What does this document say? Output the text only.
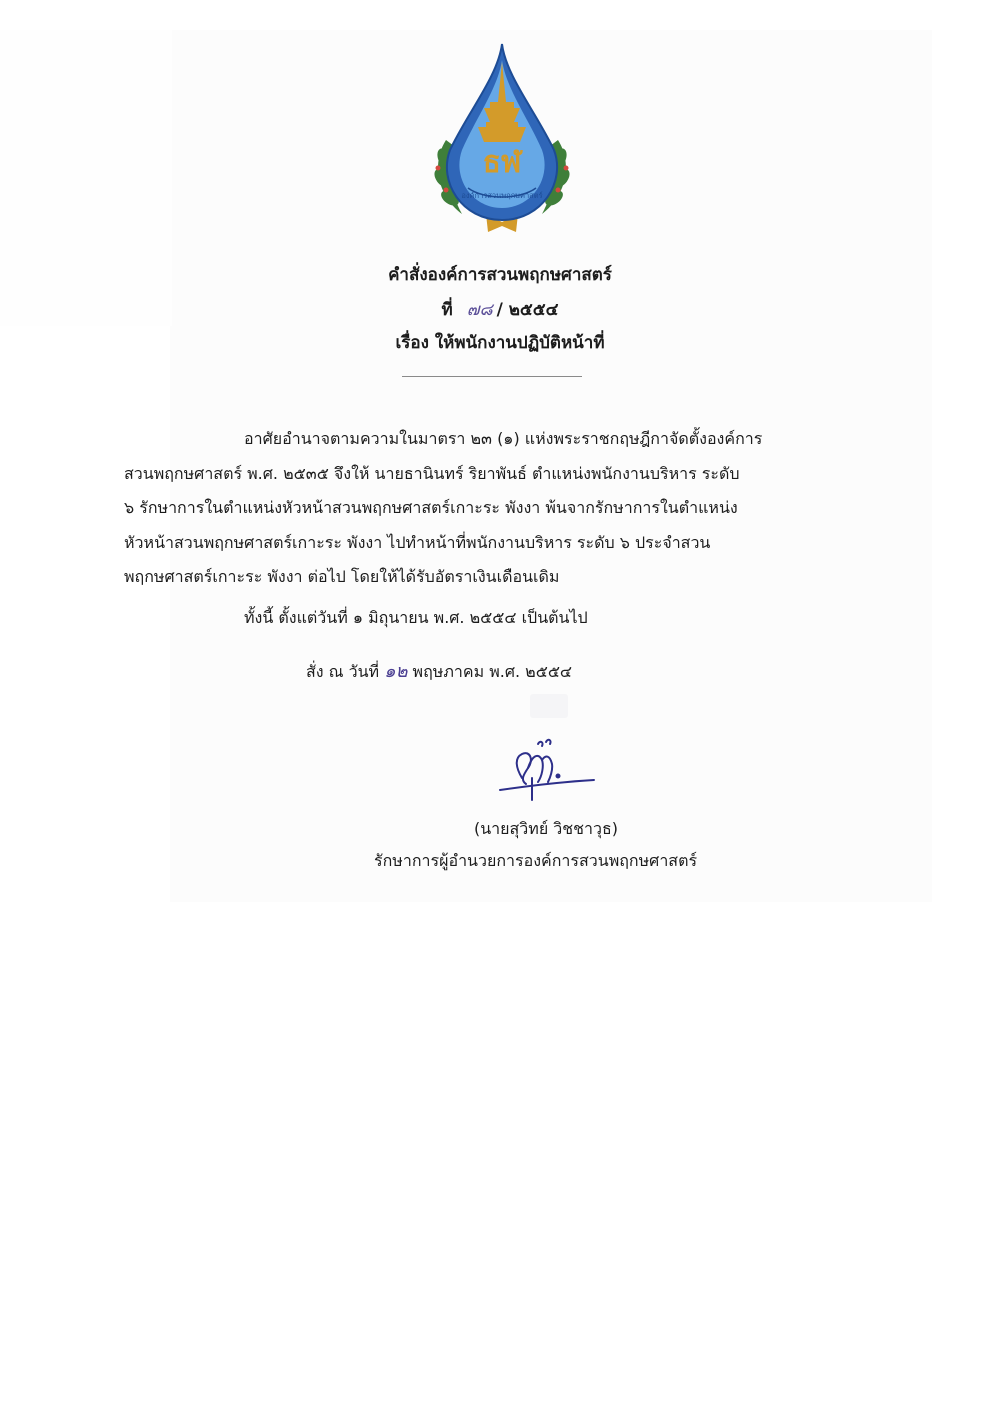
ธฬ
องค์การสวนพฤกษศาสตร์
คำสั่งองค์การสวนพฤกษศาสตร์
ที่ ๗๘ / ๒๕๕๔
เรื่อง ให้พนักงานปฏิบัติหน้าที่
อาศัยอำนาจตามความในมาตรา ๒๓ (๑) แห่งพระราชกฤษฎีกาจัดตั้งองค์การ
สวนพฤกษศาสตร์ พ.ศ. ๒๕๓๕ จึงให้ นายธานินทร์ ริยาพันธ์ ตำแหน่งพนักงานบริหาร ระดับ
๖ รักษาการในตำแหน่งหัวหน้าสวนพฤกษศาสตร์เกาะระ พังงา พ้นจากรักษาการในตำแหน่ง
หัวหน้าสวนพฤกษศาสตร์เกาะระ พังงา ไปทำหน้าที่พนักงานบริหาร ระดับ ๖ ประจำสวน
พฤกษศาสตร์เกาะระ พังงา ต่อไป โดยให้ได้รับอัตราเงินเดือนเดิม
ทั้งนี้ ตั้งแต่วันที่ ๑ มิถุนายน พ.ศ. ๒๕๕๔ เป็นต้นไป
สั่ง ณ วันที่ ๑๒ พฤษภาคม พ.ศ. ๒๕๕๔
(นายสุวิทย์ วิชชาวุธ)
รักษาการผู้อำนวยการองค์การสวนพฤกษศาสตร์
